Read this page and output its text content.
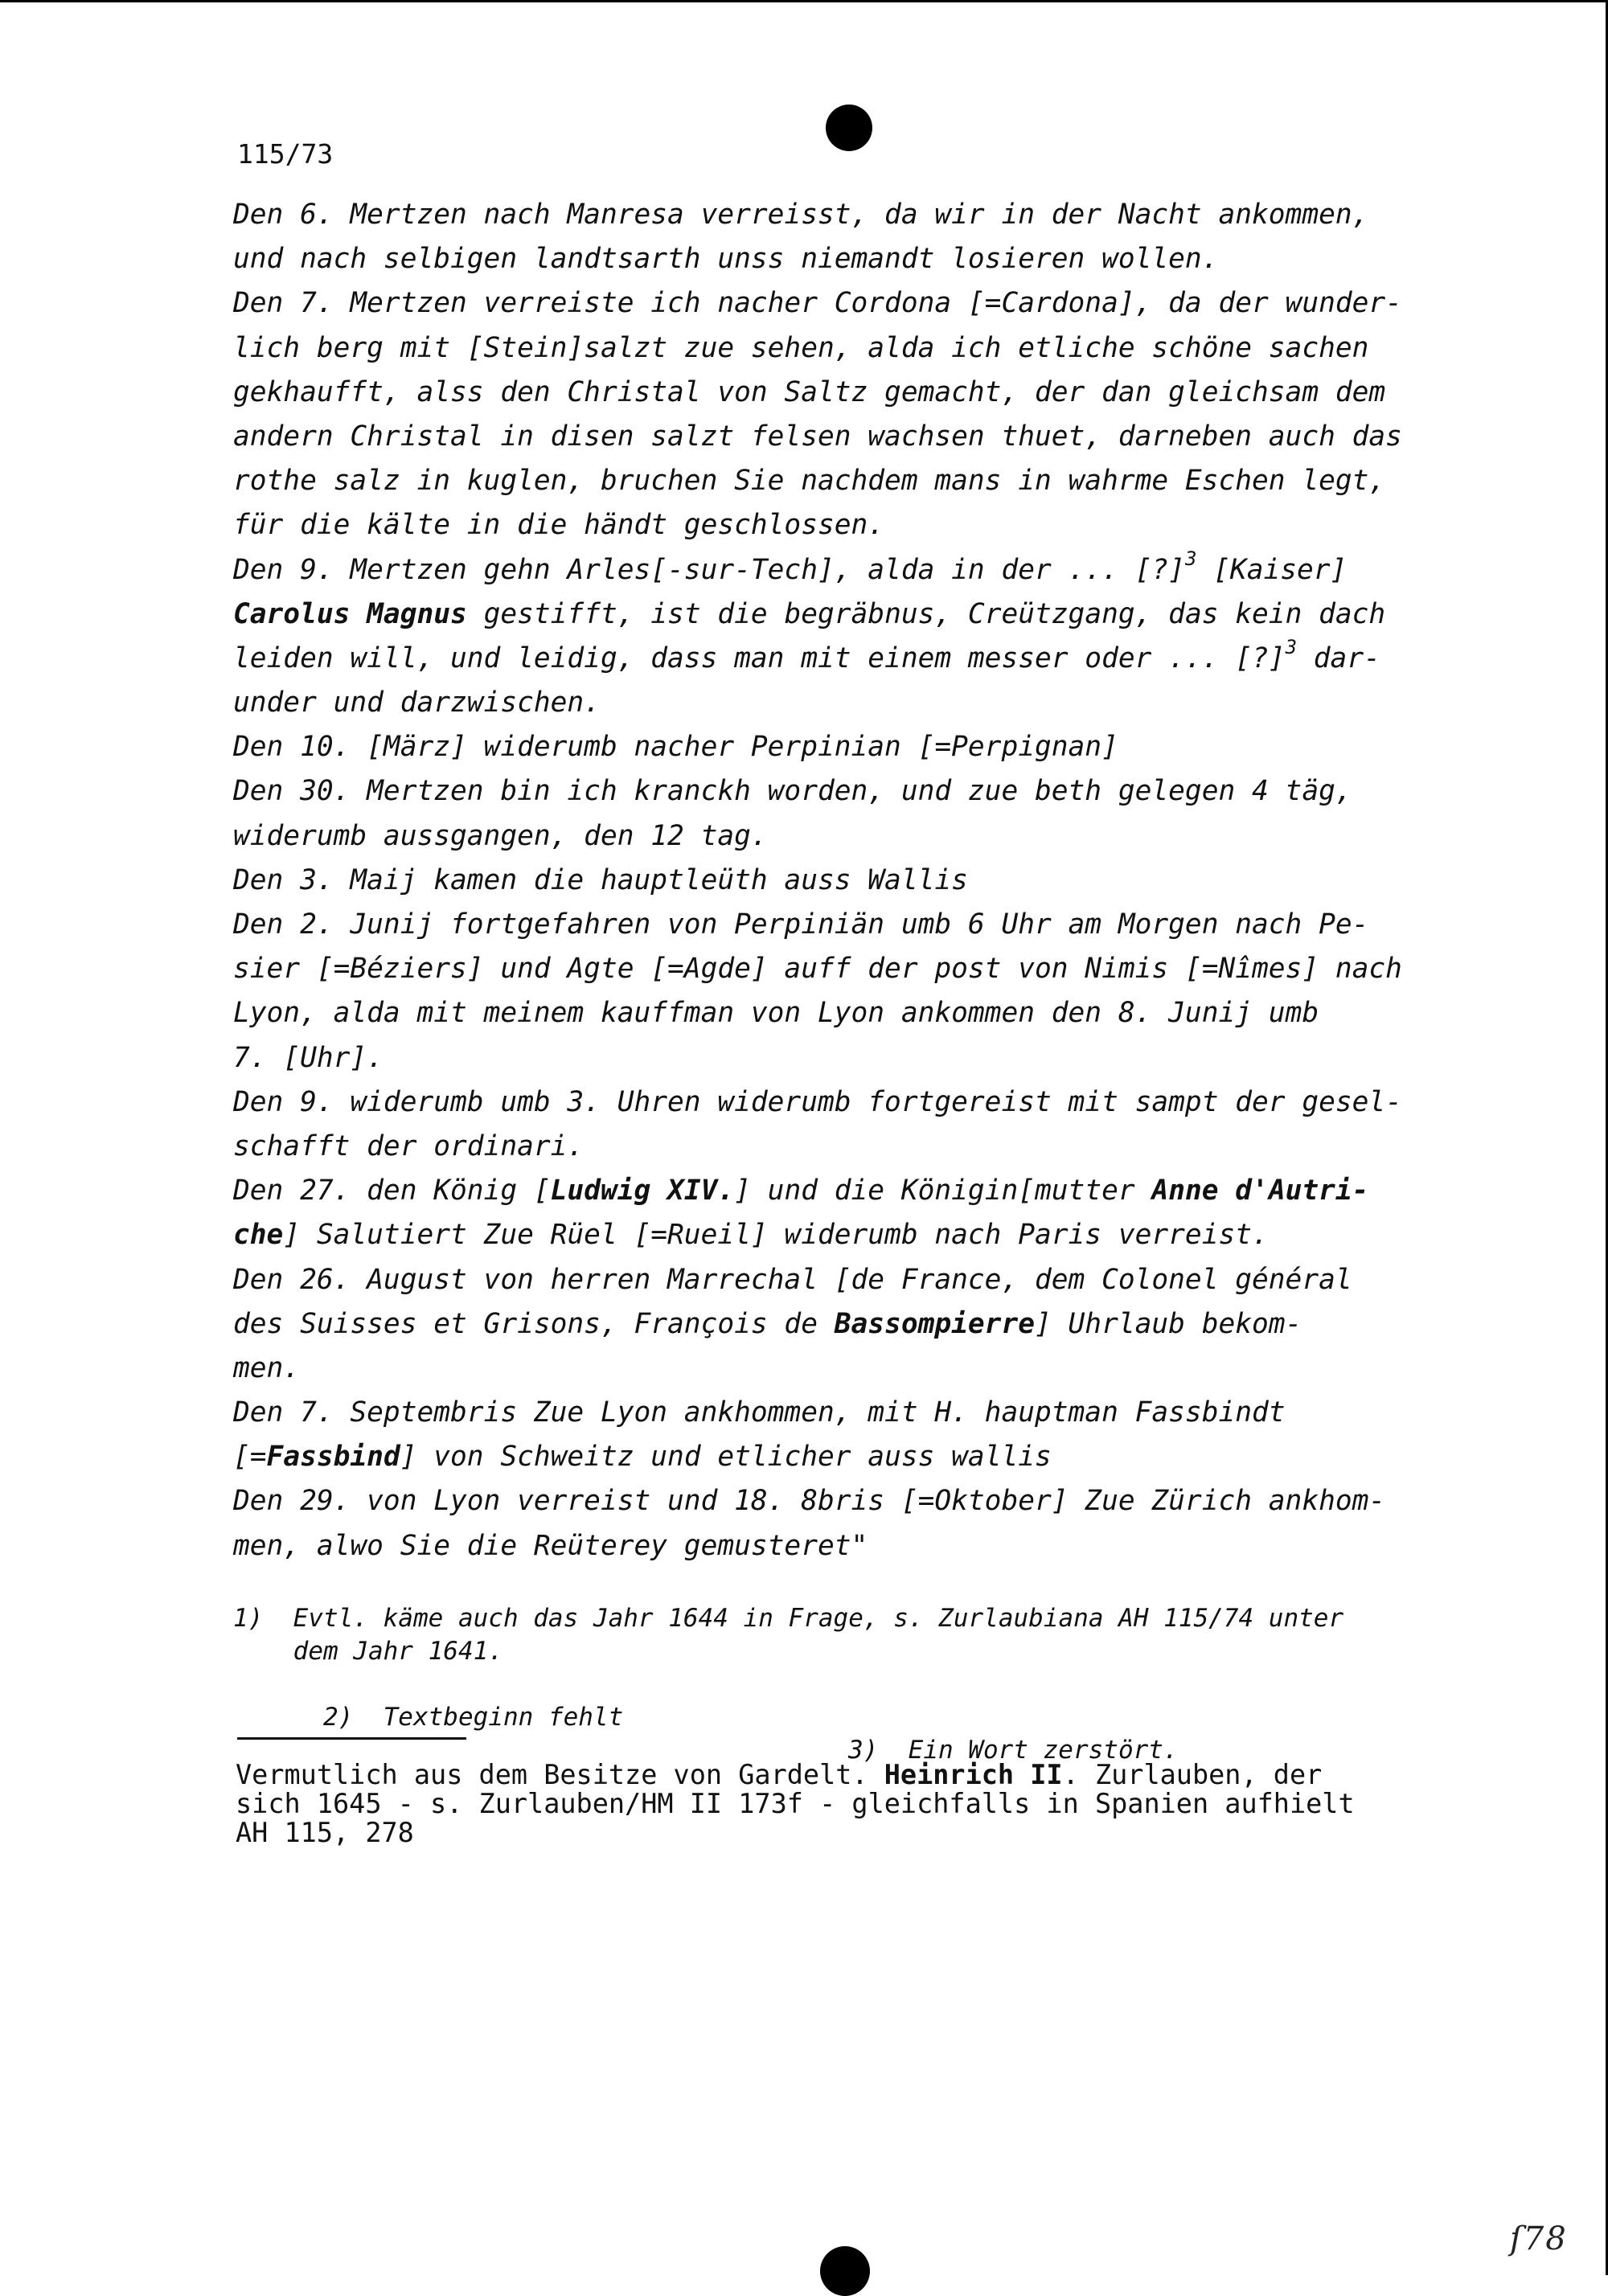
115/73
Den 6. Mertzen nach Manresa verreisst, da wir in der Nacht ankommen,
und nach selbigen landtsarth unss niemandt losieren wollen.
Den 7. Mertzen verreiste ich nacher Cordona [=Cardona], da der wunder-
lich berg mit [Stein]salzt zue sehen, alda ich etliche schöne sachen
gekhaufft, alss den Christal von Saltz gemacht, der dan gleichsam dem
andern Christal in disen salzt felsen wachsen thuet, darneben auch das
rothe salz in kuglen, bruchen Sie nachdem mans in wahrme Eschen legt,
für die kälte in die händt geschlossen.
Den 9. Mertzen gehn Arles[-sur-Tech], alda in der ... [?]$^3$ [Kaiser]
Carolus Magnus gestifft, ist die begräbnus, Creützgang, das kein dach
leiden will, und leidig, dass man mit einem messer oder ... [?]$^3$ dar-
under und darzwischen.
Den 10. [März] widerumb nacher Perpinian [=Perpignan]
Den 30. Mertzen bin ich kranckh worden, und zue beth gelegen 4 täg,
widerumb aussgangen, den 12 tag.
Den 3. Maij kamen die hauptleüth auss Wallis
Den 2. Junij fortgefahren von Perpiniän umb 6 Uhr am Morgen nach Pe-
sier [=Béziers] und Agte [=Agde] auff der post von Nimis [=Nîmes] nach
Lyon, alda mit meinem kauffman von Lyon ankommen den 8. Junij umb
7. [Uhr].
Den 9. widerumb umb 3. Uhren widerumb fortgereist mit sampt der gesel-
schafft der ordinari.
Den 27. den König [Ludwig XIV.] und die Königin[mutter Anne d'Autri-
che] Salutiert Zue Rüel [=Rueil] widerumb nach Paris verreist.
Den 26. August von herren Marrechal [de France, dem Colonel général
des Suisses et Grisons, François de Bassompierre] Uhrlaub bekom-
men.
Den 7. Septembris Zue Lyon ankhommen, mit H. hauptman Fassbindt
[=Fassbind] von Schweitz und etlicher auss wallis
Den 29. von Lyon verreist und 18. 8bris [=Oktober] Zue Zürich ankhom-
men, alwo Sie die Reüterey gemusteret"
1)  Evtl. käme auch das Jahr 1644 in Frage, s. Zurlaubiana AH 115/74 unter
dem Jahr 1641.

2)  Textbeginn fehlt

3)  Ein Wort zerstört.

Vermutlich aus dem Besitze von Gardelt. Heinrich II. Zurlauben, der
sich 1645 - s. Zurlauben/HM II 173f - gleichfalls in Spanien aufhielt
AH 115, 278
ſ78
